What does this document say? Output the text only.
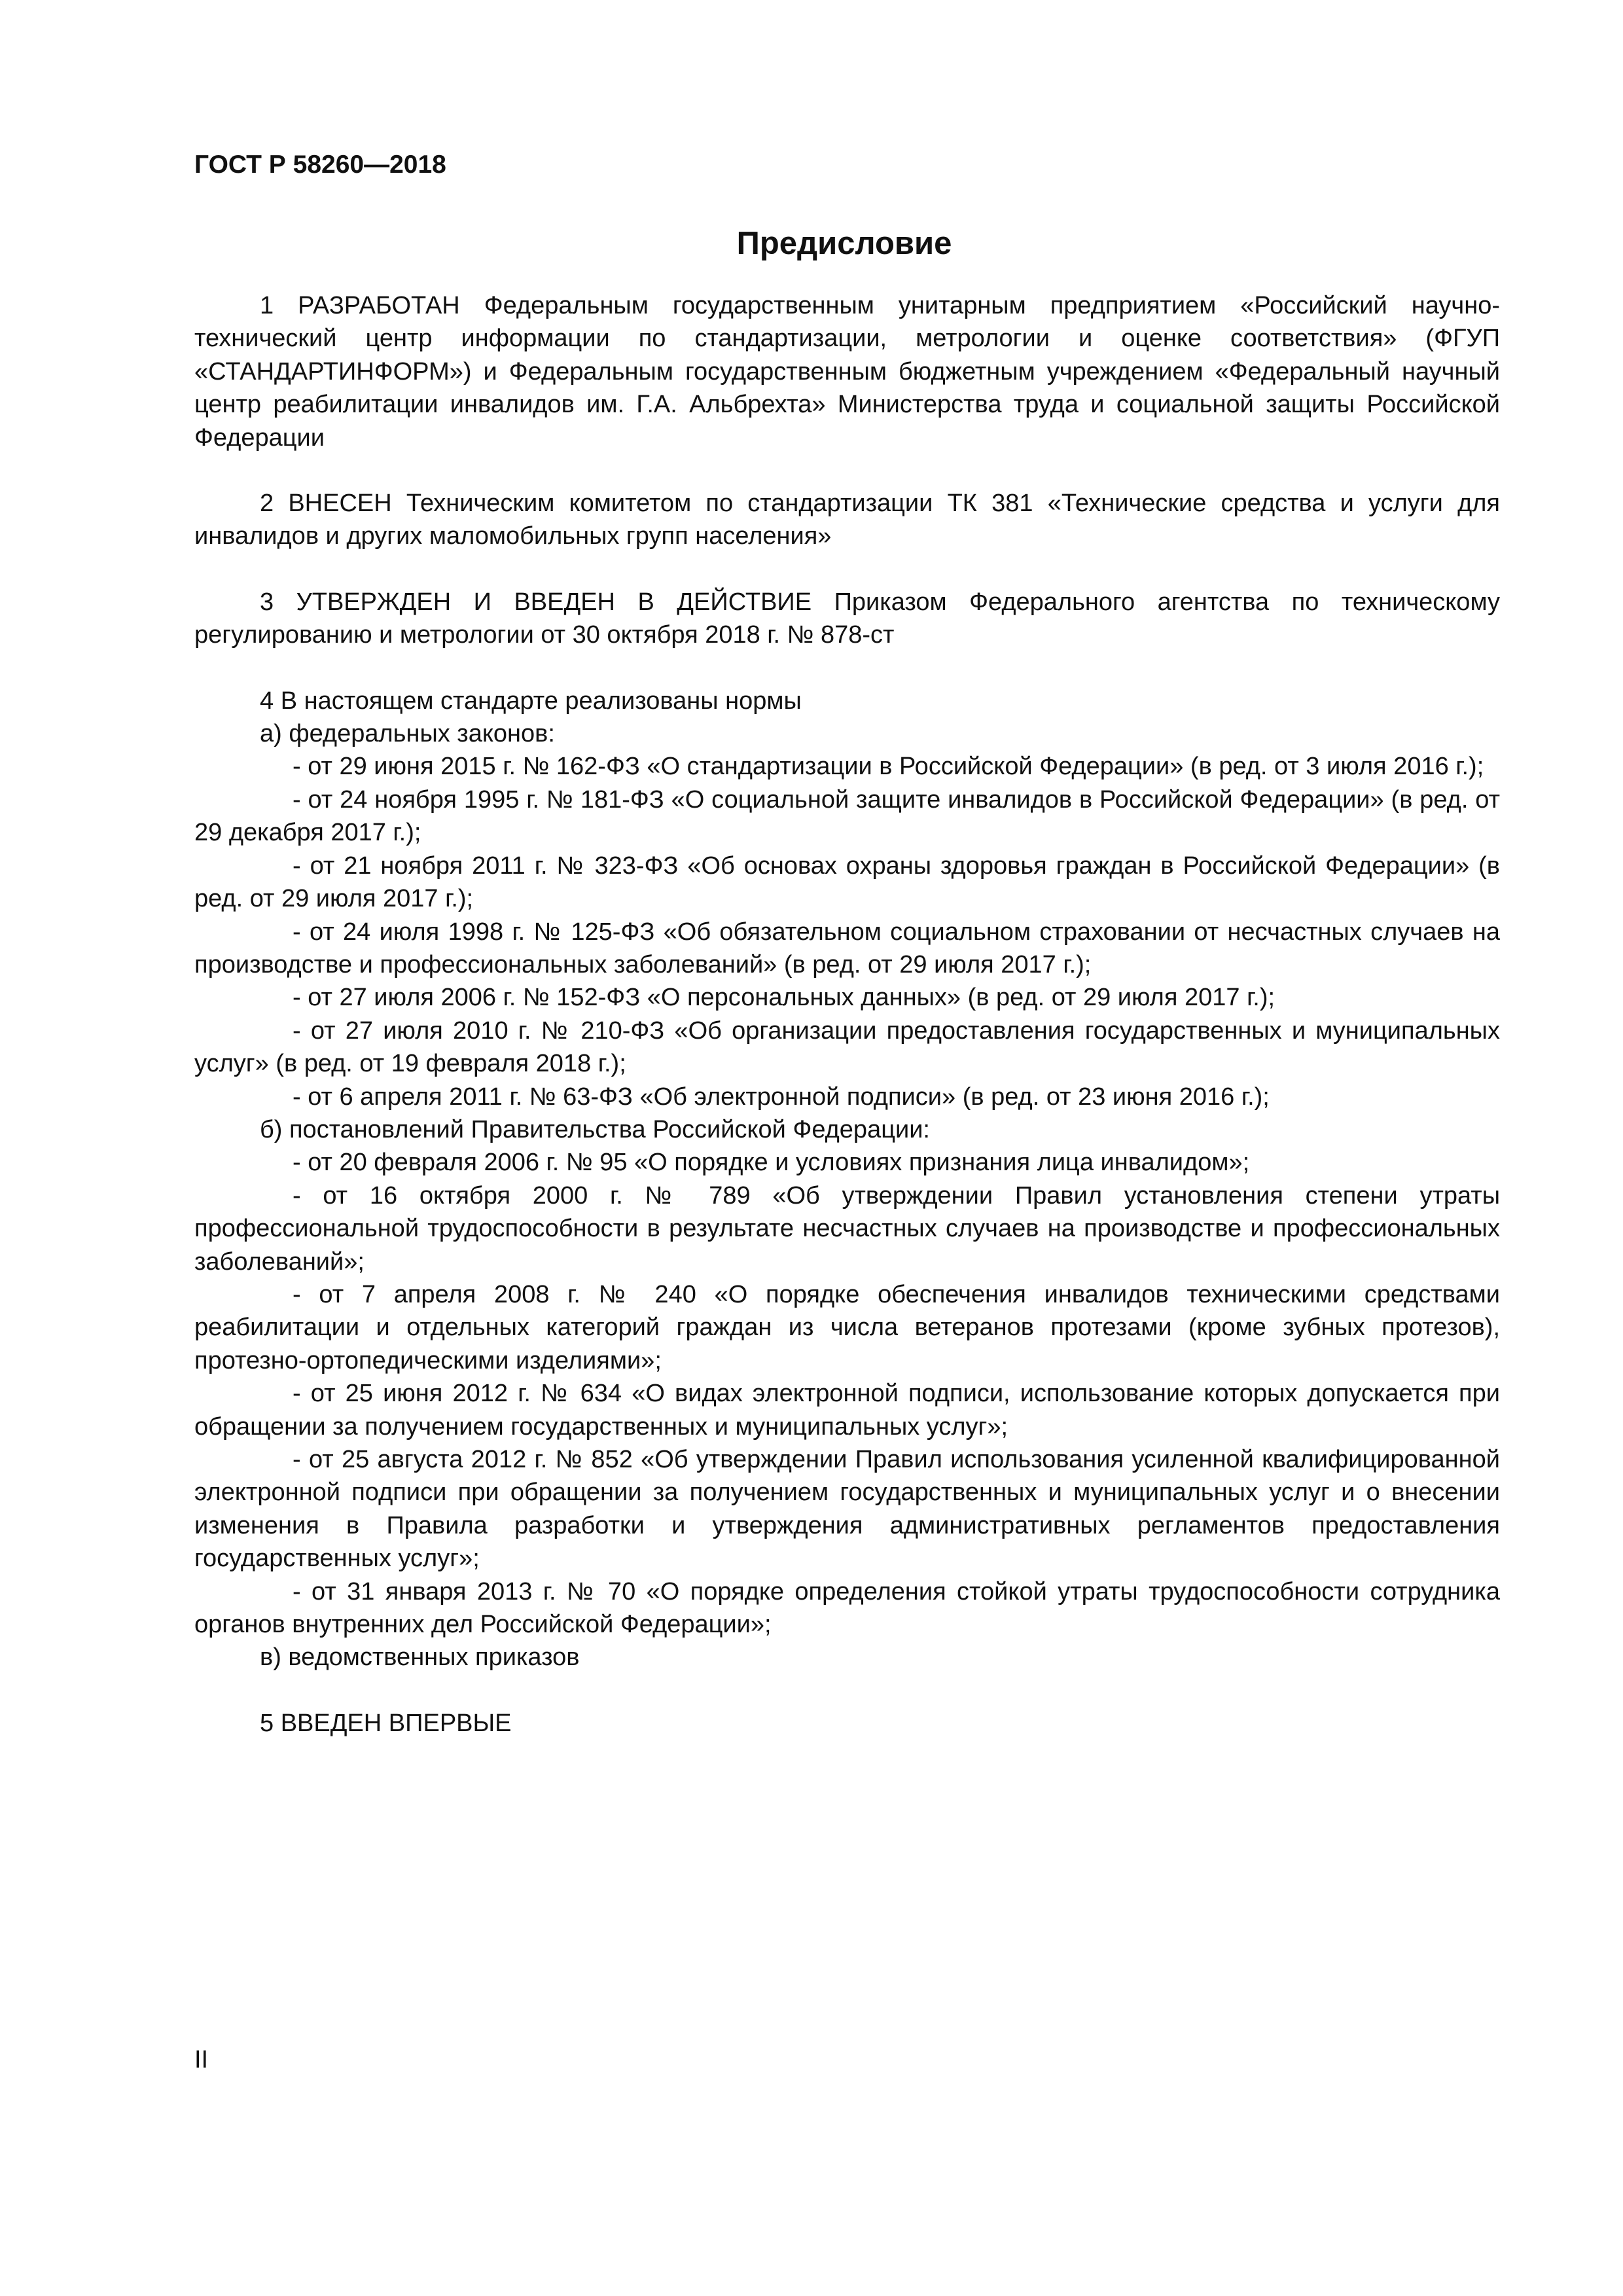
ГОСТ Р 58260—2018

Предисловие

1 РАЗРАБОТАН Федеральным государственным унитарным предприятием «Российский научно-технический центр информации по стандартизации, метрологии и оценке соответствия» (ФГУП «СТАНДАРТИНФОРМ») и Федеральным государственным бюджетным учреждением «Федеральный научный центр реабилитации инвалидов им. Г.А. Альбрехта» Министерства труда и социальной защиты Российской Федерации

2 ВНЕСЕН Техническим комитетом по стандартизации ТК 381 «Технические средства и услуги для инвалидов и других маломобильных групп населения»

3 УТВЕРЖДЕН И ВВЕДЕН В ДЕЙСТВИЕ Приказом Федерального агентства по техническому регулированию и метрологии от 30 октября 2018 г. № 878-ст

4 В настоящем стандарте реализованы нормы

а) федеральных законов:

- от 29 июня 2015 г. № 162-ФЗ «О стандартизации в Российской Федерации» (в ред. от 3 июля 2016 г.);

- от 24 ноября 1995 г. № 181-ФЗ «О социальной защите инвалидов в Российской Федерации» (в ред. от 29 декабря 2017 г.);

- от 21 ноября 2011 г. № 323-ФЗ «Об основах охраны здоровья граждан в Российской Федерации» (в ред. от 29 июля 2017 г.);

- от 24 июля 1998 г. № 125-ФЗ «Об обязательном социальном страховании от несчастных случаев на производстве и профессиональных заболеваний» (в ред. от 29 июля 2017 г.);

- от 27 июля 2006 г. № 152-ФЗ «О персональных данных» (в ред. от 29 июля 2017 г.);

- от 27 июля 2010 г. № 210-ФЗ «Об организации предоставления государственных и муниципальных услуг» (в ред. от 19 февраля 2018 г.);

- от 6 апреля 2011 г. № 63-ФЗ «Об электронной подписи» (в ред. от 23 июня 2016 г.);

б) постановлений Правительства Российской Федерации:

- от 20 февраля 2006 г. № 95 «О порядке и условиях признания лица инвалидом»;

- от 16 октября 2000 г. № 789 «Об утверждении Правил установления степени утраты профессиональной трудоспособности в результате несчастных случаев на производстве и профессиональных заболеваний»;

- от 7 апреля 2008 г. № 240 «О порядке обеспечения инвалидов техническими средствами реабилитации и отдельных категорий граждан из числа ветеранов протезами (кроме зубных протезов), протезно-ортопедическими изделиями»;

- от 25 июня 2012 г. № 634 «О видах электронной подписи, использование которых допускается при обращении за получением государственных и муниципальных услуг»;

- от 25 августа 2012 г. № 852 «Об утверждении Правил использования усиленной квалифицированной электронной подписи при обращении за получением государственных и муниципальных услуг и о внесении изменения в Правила разработки и утверждения административных регламентов предоставления государственных услуг»;

- от 31 января 2013 г. № 70 «О порядке определения стойкой утраты трудоспособности сотрудника органов внутренних дел Российской Федерации»;

в) ведомственных приказов

5 ВВЕДЕН ВПЕРВЫЕ

II
